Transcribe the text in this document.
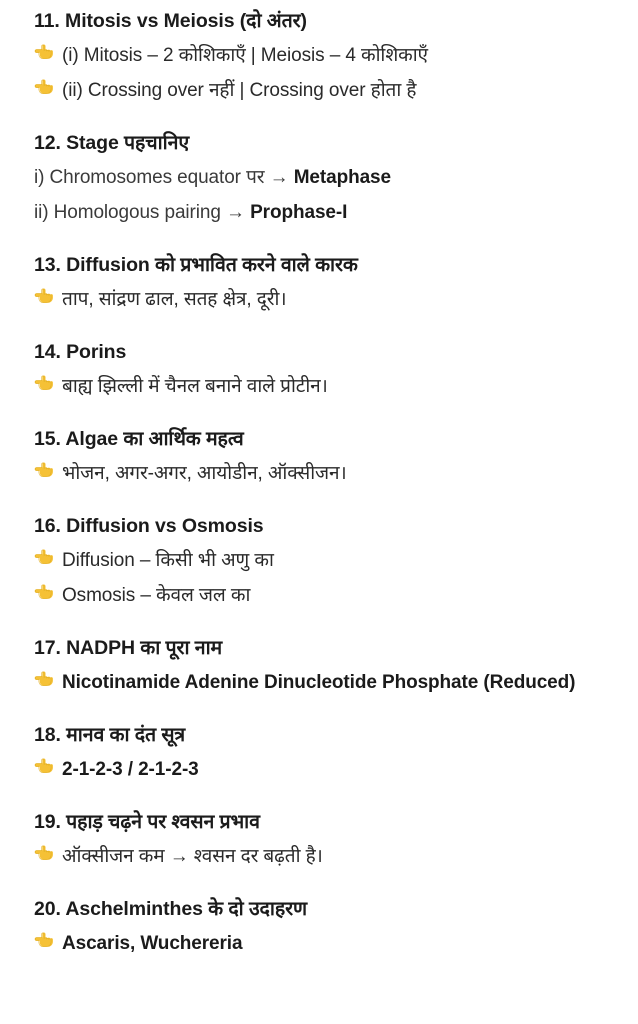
11. Mitosis vs Meiosis (दो अंतर)
(i) Mitosis – 2 कोशिकाएँ | Meiosis – 4 कोशिकाएँ
(ii) Crossing over नहीं | Crossing over होता है
12. Stage पहचानिए
i) Chromosomes equator पर → Metaphase
ii) Homologous pairing → Prophase-I
13. Diffusion को प्रभावित करने वाले कारक
ताप, सांद्रण ढाल, सतह क्षेत्र, दूरी।
14. Porins
बाह्य झिल्ली में चैनल बनाने वाले प्रोटीन।
15. Algae का आर्थिक महत्व
भोजन, अगर-अगर, आयोडीन, ऑक्सीजन।
16. Diffusion vs Osmosis
Diffusion – किसी भी अणु का
Osmosis – केवल जल का
17. NADPH का पूरा नाम
Nicotinamide Adenine Dinucleotide Phosphate (Reduced)
18. मानव का दंत सूत्र
2-1-2-3 / 2-1-2-3
19. पहाड़ चढ़ने पर श्वसन प्रभाव
ऑक्सीजन कम → श्वसन दर बढ़ती है।
20. Aschelminthes के दो उदाहरण
Ascaris, Wuchereria
